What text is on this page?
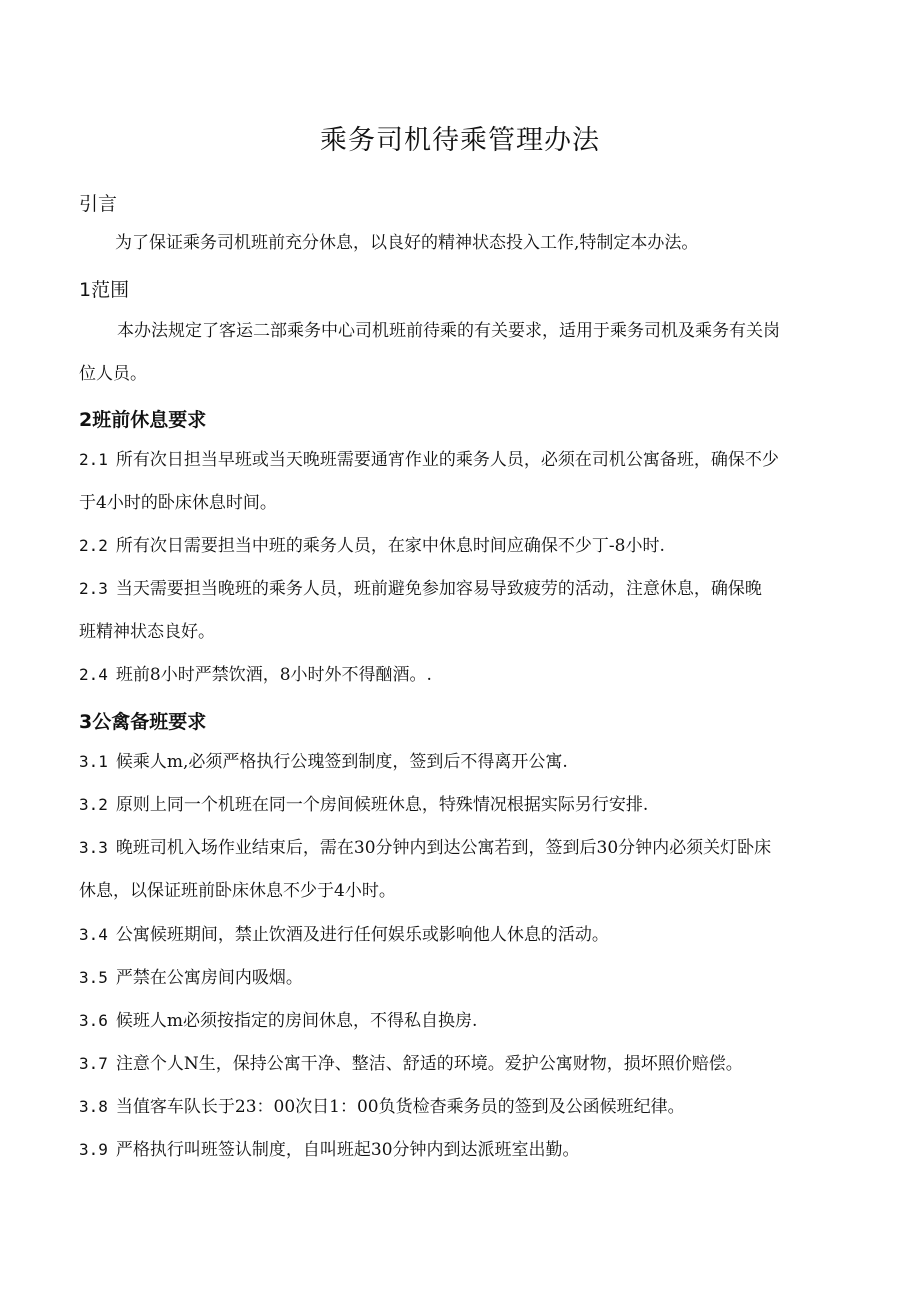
乘务司机待乘管理办法
引言

为了保证乘务司机班前充分休息，以良好的精神状态投入工作,特制定本办法。

1范围

本办法规定了客运二部乘务中心司机班前待乘的有关要求，适用于乘务司机及乘务有关岗
位人员。

2班前休息要求
2.1 所有次日担当早班或当天晚班需要通宵作业的乘务人员，必须在司机公寓备班，确保不少
于4小时的卧床休息时间。
2.2 所有次日需要担当中班的乘务人员，在家中休息时间应确保不少丁-8小时.
2.3 当天需要担当晚班的乘务人员，班前避免参加容易导致疲劳的活动，注意休息，确保晚
班精神状态良好。
2.4 班前8小时严禁饮酒，8小时外不得酗酒。.
3公禽备班要求
3.1 候乘人m,必须严格执行公瑰签到制度，签到后不得离开公寓.
3.2 原则上同一个机班在同一个房间候班休息，特殊情况根据实际另行安排.
3.3 晚班司机入场作业结束后，需在30分钟内到达公寓若到，签到后30分钟内必须关灯卧床
休息，以保证班前卧床休息不少于4小时。
3.4 公寓候班期间，禁止饮酒及进行任何娱乐或影响他人休息的活动。
3.5 严禁在公寓房间内吸烟。
3.6 候班人m必须按指定的房间休息，不得私自换房.
3.7 注意个人N生，保持公寓干净、整洁、舒适的环境。爱护公寓财物，损坏照价赔偿。
3.8 当值客车队长于23：00次日1：00负货检杳乘务员的签到及公函候班纪律。
3.9 严格执行叫班签认制度，自叫班起30分钟内到达派班室出勤。
